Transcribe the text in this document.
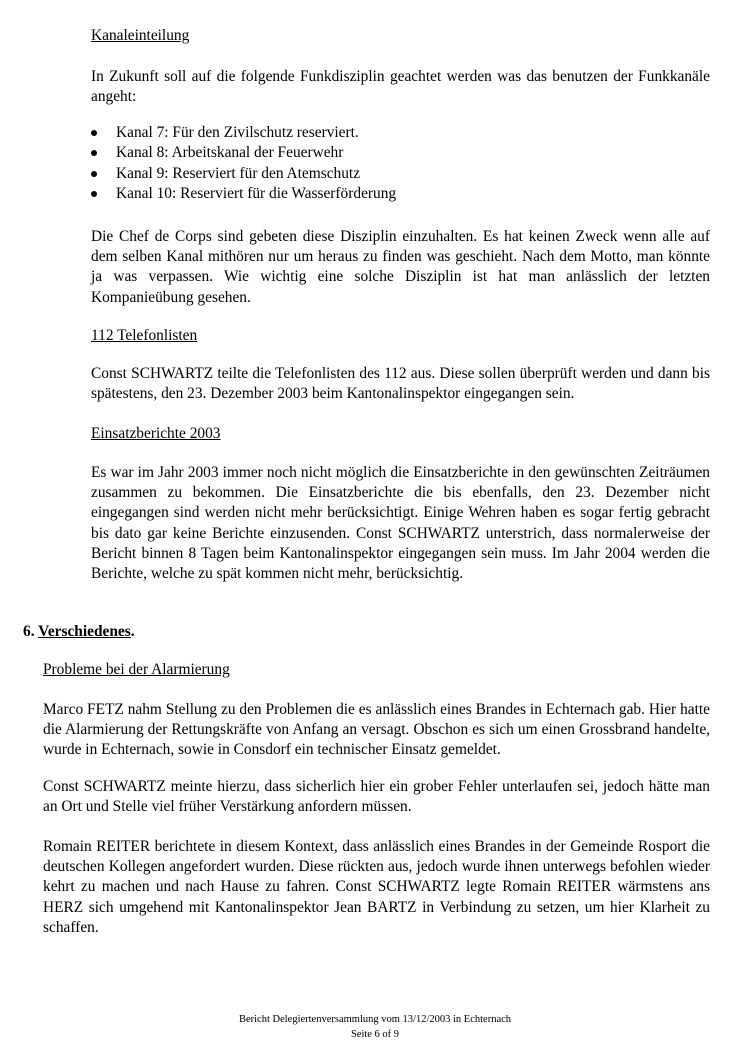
Kanaleinteilung

In Zukunft soll auf die folgende Funkdisziplin geachtet werden was das benutzen der Funkkanäle angeht:

Kanal 7: Für den Zivilschutz reserviert.
Kanal 8: Arbeitskanal der Feuerwehr
Kanal 9: Reserviert für den Atemschutz
Kanal 10: Reserviert für die Wasserförderung

Die Chef de Corps sind gebeten diese Disziplin einzuhalten. Es hat keinen Zweck wenn alle auf dem selben Kanal mithören nur um heraus zu finden was geschieht. Nach dem Motto, man könnte ja was verpassen. Wie wichtig eine solche Disziplin ist hat man anlässlich der letzten Kompanieübung gesehen.

112 Telefonlisten

Const SCHWARTZ teilte die Telefonlisten des 112 aus. Diese sollen überprüft werden und dann bis spätestens, den 23. Dezember 2003 beim Kantonalinspektor eingegangen sein.

Einsatzberichte 2003

Es war im Jahr 2003 immer noch nicht möglich die Einsatzberichte in den gewünschten Zeiträumen zusammen zu bekommen. Die Einsatzberichte die bis ebenfalls, den 23. Dezember nicht eingegangen sind werden nicht mehr berücksichtigt. Einige Wehren haben es sogar fertig gebracht bis dato gar keine Berichte einzusenden. Const SCHWARTZ unterstrich, dass normalerweise der Bericht binnen 8 Tagen beim Kantonalinspektor eingegangen sein muss. Im Jahr 2004 werden die Berichte, welche zu spät kommen nicht mehr, berücksichtig.

6. Verschiedenes.
Probleme bei der Alarmierung

Marco FETZ nahm Stellung zu den Problemen die es anlässlich eines Brandes in Echternach gab. Hier hatte die Alarmierung der Rettungskräfte von Anfang an versagt. Obschon es sich um einen Grossbrand handelte, wurde in Echternach, sowie in Consdorf ein technischer Einsatz gemeldet.

Const SCHWARTZ meinte hierzu, dass sicherlich hier ein grober Fehler unterlaufen sei, jedoch hätte man an Ort und Stelle viel früher Verstärkung anfordern müssen.

Romain REITER berichtete in diesem Kontext, dass anlässlich eines Brandes in der Gemeinde Rosport die deutschen Kollegen angefordert wurden. Diese rückten aus, jedoch wurde ihnen unterwegs befohlen wieder kehrt zu machen und nach Hause zu fahren. Const SCHWARTZ legte Romain REITER wärmstens ans HERZ sich umgehend mit Kantonalinspektor Jean BARTZ in Verbindung zu setzen, um hier Klarheit zu schaffen.

Bericht Delegiertenversammlung vom 13/12/2003 in Echternach
Seite 6 of 9
